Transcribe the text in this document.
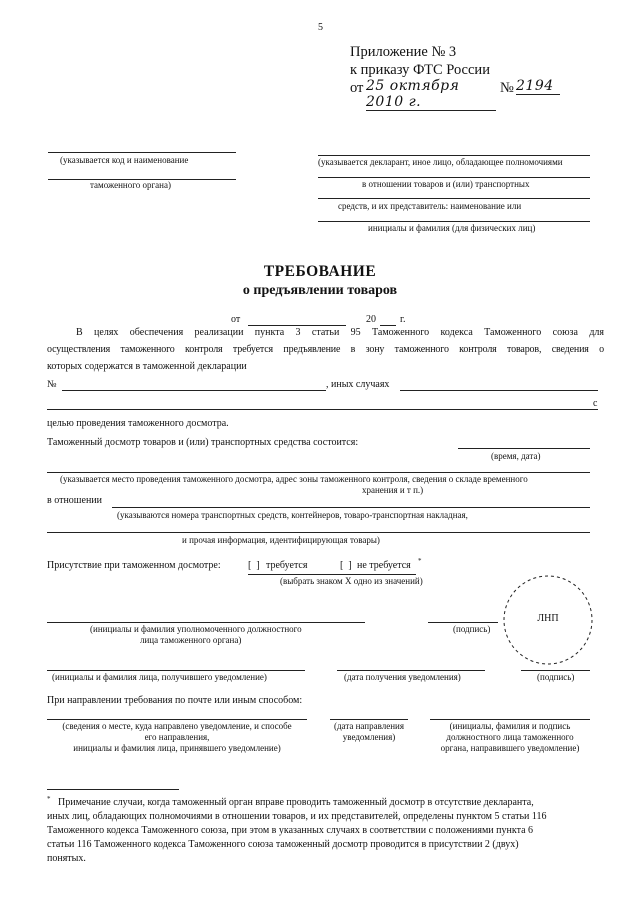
5
Приложение № 3
к приказу ФТС России
от 25 октября 2010 г.
№ 2194
(указывается код и наименование
таможенного органа)
(указывается декларант, иное лицо, обладающее полномочиями
в отношении товаров и (или) транспортных
средств, и их представитель: наименование или
инициалы и фамилия (для физических лиц)
ТРЕБОВАНИЕ
о предъявлении товаров
от	20 г.
В целях обеспечения реализации пункта 3 статьи 95 Таможенного кодекса Таможенного союза для
осуществления таможенного контроля требуется предъявление в зону таможенного контроля товаров, сведения о
которых содержатся в таможенной декларации
№	, иных случаях
с
целью проведения таможенного досмотра.
Таможенный досмотр товаров и (или) транспортных средства состоится:
(время, дата)
(указывается место проведения таможенного досмотра, адрес зоны таможенного контроля, сведения о складе временного
хранения и т п.)
в отношении
(указываются номера транспортных средств, контейнеров, товаро-транспортная накладная,
и прочая информация, идентифицирующая товары)
Присутствие при таможенном досмотре:	[  ] требуется	[  ] не требуется *
(выбрать знаком X одно из значений)
ЛНП
(инициалы и фамилия уполномоченного должностного
лица таможенного органа)
(подпись)
(инициалы и фамилия лица, получившего уведомление)	(дата получения уведомления)	(подпись)
При направлении требования по почте или иным способом:
(сведения о месте, куда направлено уведомление, и способе
его направления,
инициалы и фамилия лица, принявшего уведомление)
(дата направления
уведомления)
(инициалы, фамилия и подпись
должностного лица таможенного
органа, направившего уведомление)
* Примечание случаи, когда таможенный орган вправе проводить таможенный досмотр в отсутствие декларанта,
иных лиц, обладающих полномочиями в отношении товаров, и их представителей, определены пунктом 5 статьи 116
Таможенного кодекса Таможенного союза, при этом в указанных случаях в соответствии с положениями пункта 6
статьи 116 Таможенного кодекса Таможенного союза таможенный досмотр проводится в присутствии 2 (двух)
понятых.
